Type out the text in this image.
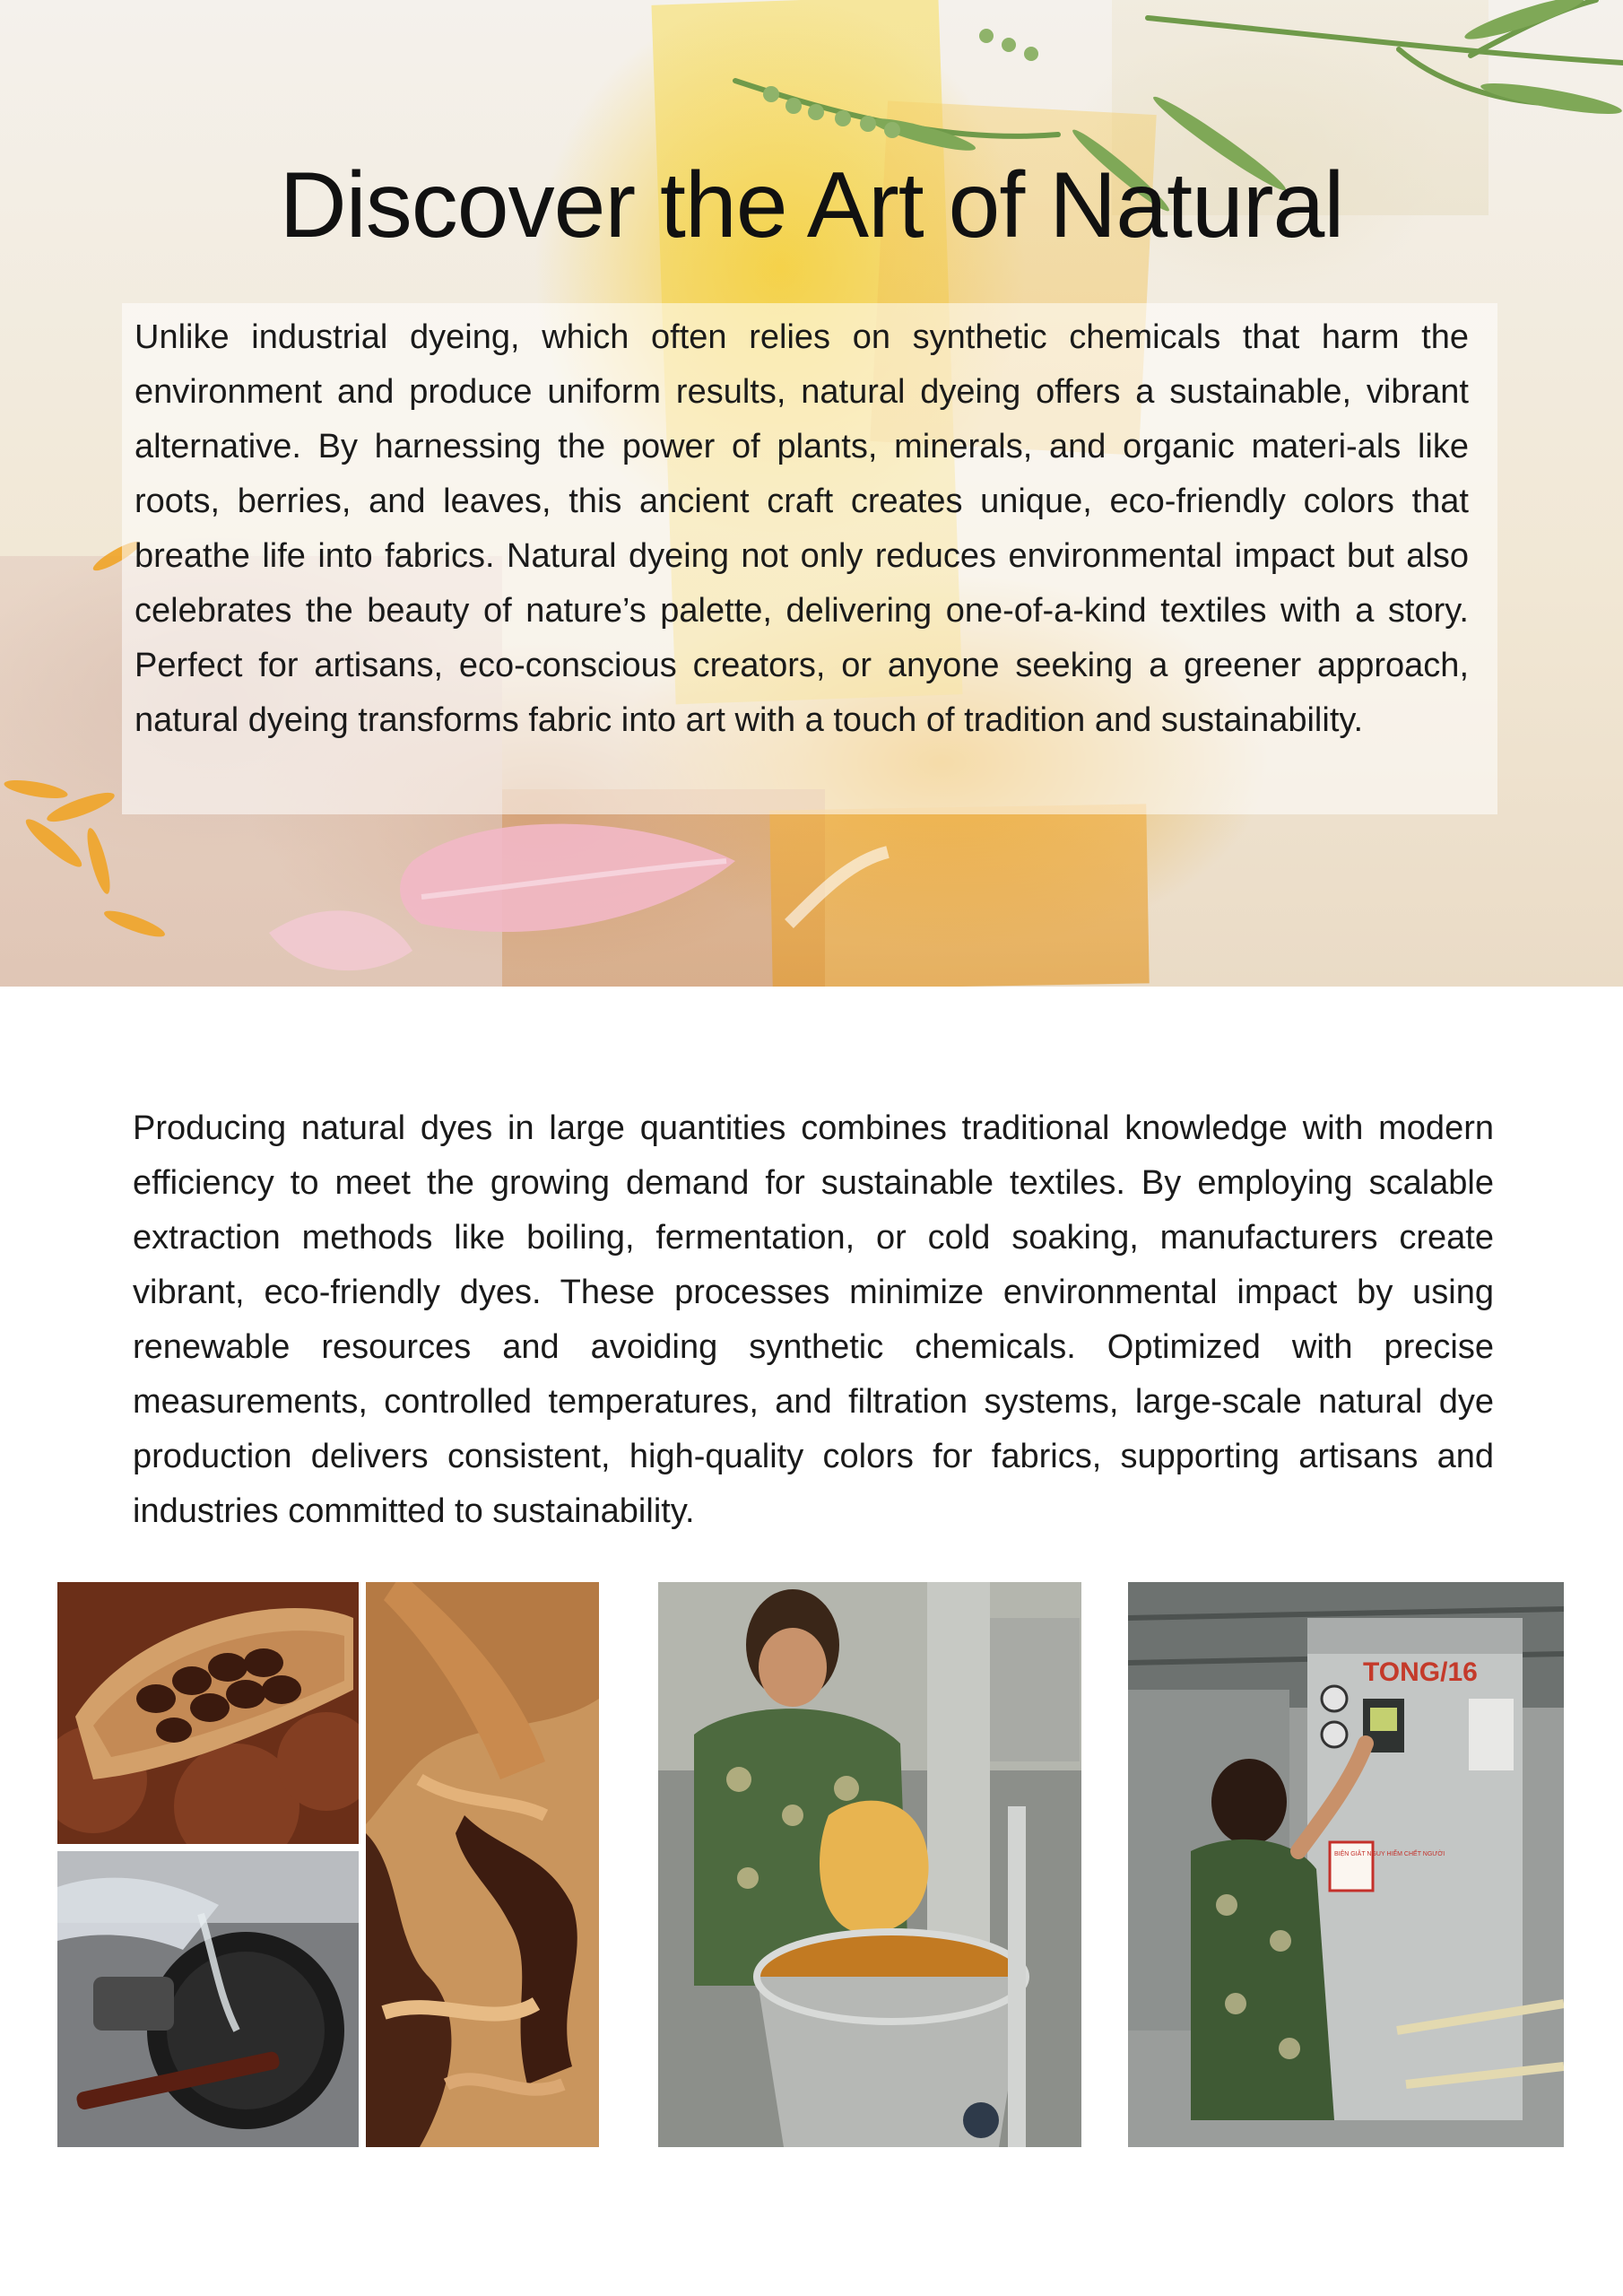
Discover the Art of Natural

Unlike industrial dyeing, which often relies on synthetic chemicals that harm the environment and produce uniform results, natural dyeing offers a sustainable, vibrant alternative. By harnessing the power of plants, minerals, and organic materi-als like roots, berries, and leaves, this ancient craft creates unique, eco-friendly colors that breathe life into fabrics. Natural dyeing not only reduces environmental impact but also celebrates the beauty of nature’s palette, delivering one-of-a-kind textiles with a story. Perfect for artisans, eco-conscious creators, or anyone seeking a greener approach, natural dyeing transforms fabric into art with a touch of tradition and sustainability.

Producing natural dyes in large quantities combines traditional knowledge with modern efficiency to meet the growing demand for sustainable textiles. By employing scalable extraction methods like boiling, fermentation, or cold soaking, manufacturers create vibrant, eco-friendly dyes. These processes minimize environmental impact by using renewable resources and avoiding synthetic chemicals. Optimized with precise measurements, controlled temperatures, and filtration systems, large-scale natural dye production delivers consistent, high-quality colors for fabrics, supporting artisans and industries committed to sustainability.

TONG/16
BIỆN GIÂT NGUY HIỂM CHẾT NGƯỜI
